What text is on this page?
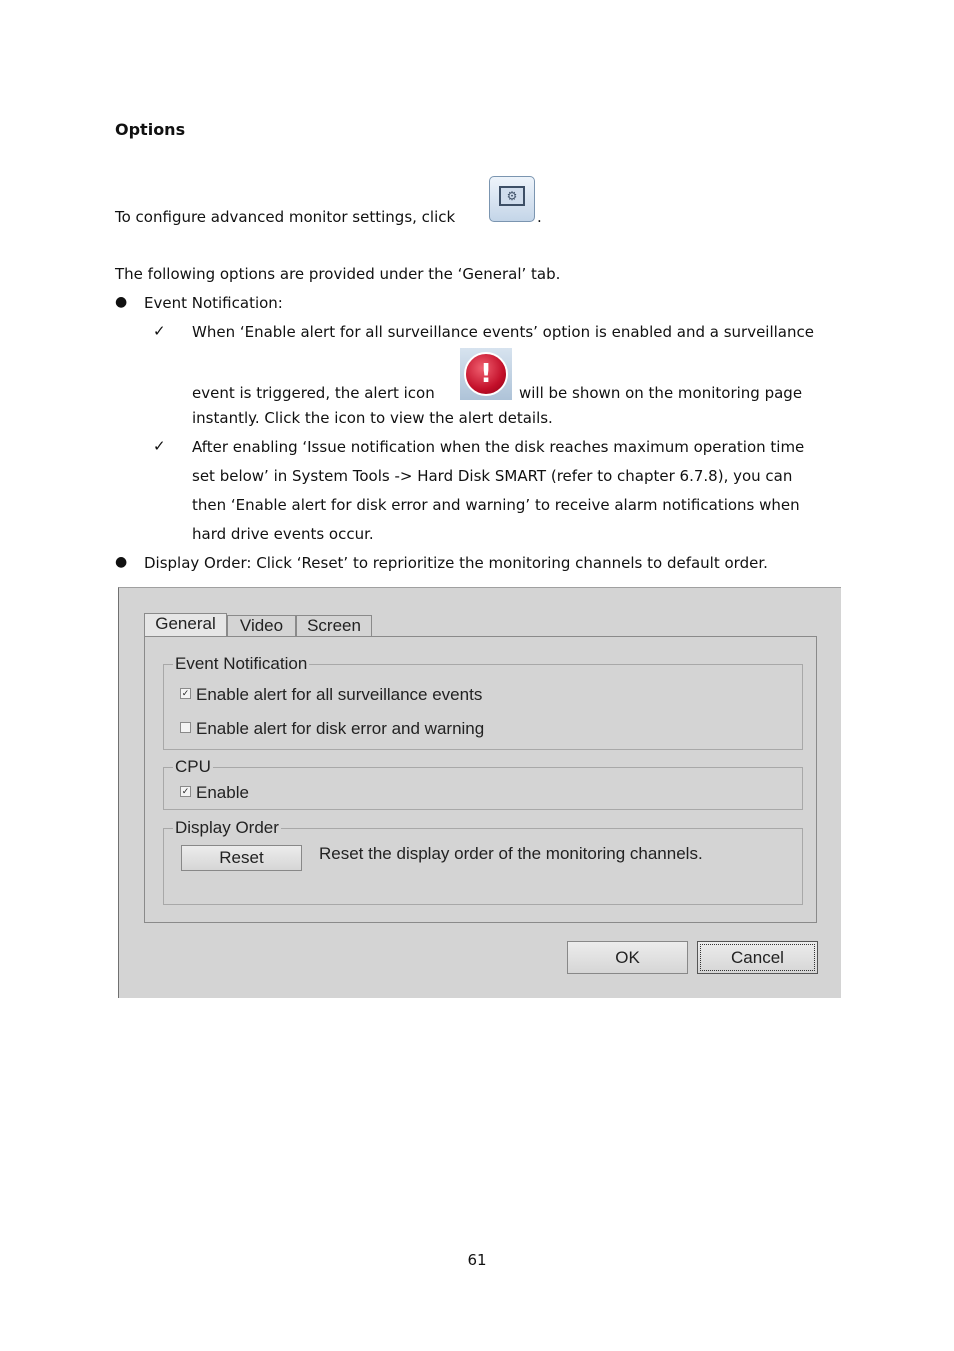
Options
To configure advanced monitor settings, click
⚙
.
The following options are provided under the ‘General’ tab.
● Event Notification:
✓ When ‘Enable alert for all surveillance events’ option is enabled and a surveillance
event is triggered, the alert icon
!
will be shown on the monitoring page
instantly. Click the icon to view the alert details.
✓ After enabling ‘Issue notification when the disk reaches maximum operation time
set below’ in System Tools -> Hard Disk SMART (refer to chapter 6.7.8), you can
then ‘Enable alert for disk error and warning’ to receive alarm notifications when
hard drive events occur.
● Display Order: Click ‘Reset’ to reprioritize the monitoring channels to default order.
General	Video	Screen
Event Notification
✓ Enable alert for all surveillance events
Enable alert for disk error and warning
CPU
✓ Enable
Display Order
Reset	Reset the display order of the monitoring channels.
OK	Cancel
61
